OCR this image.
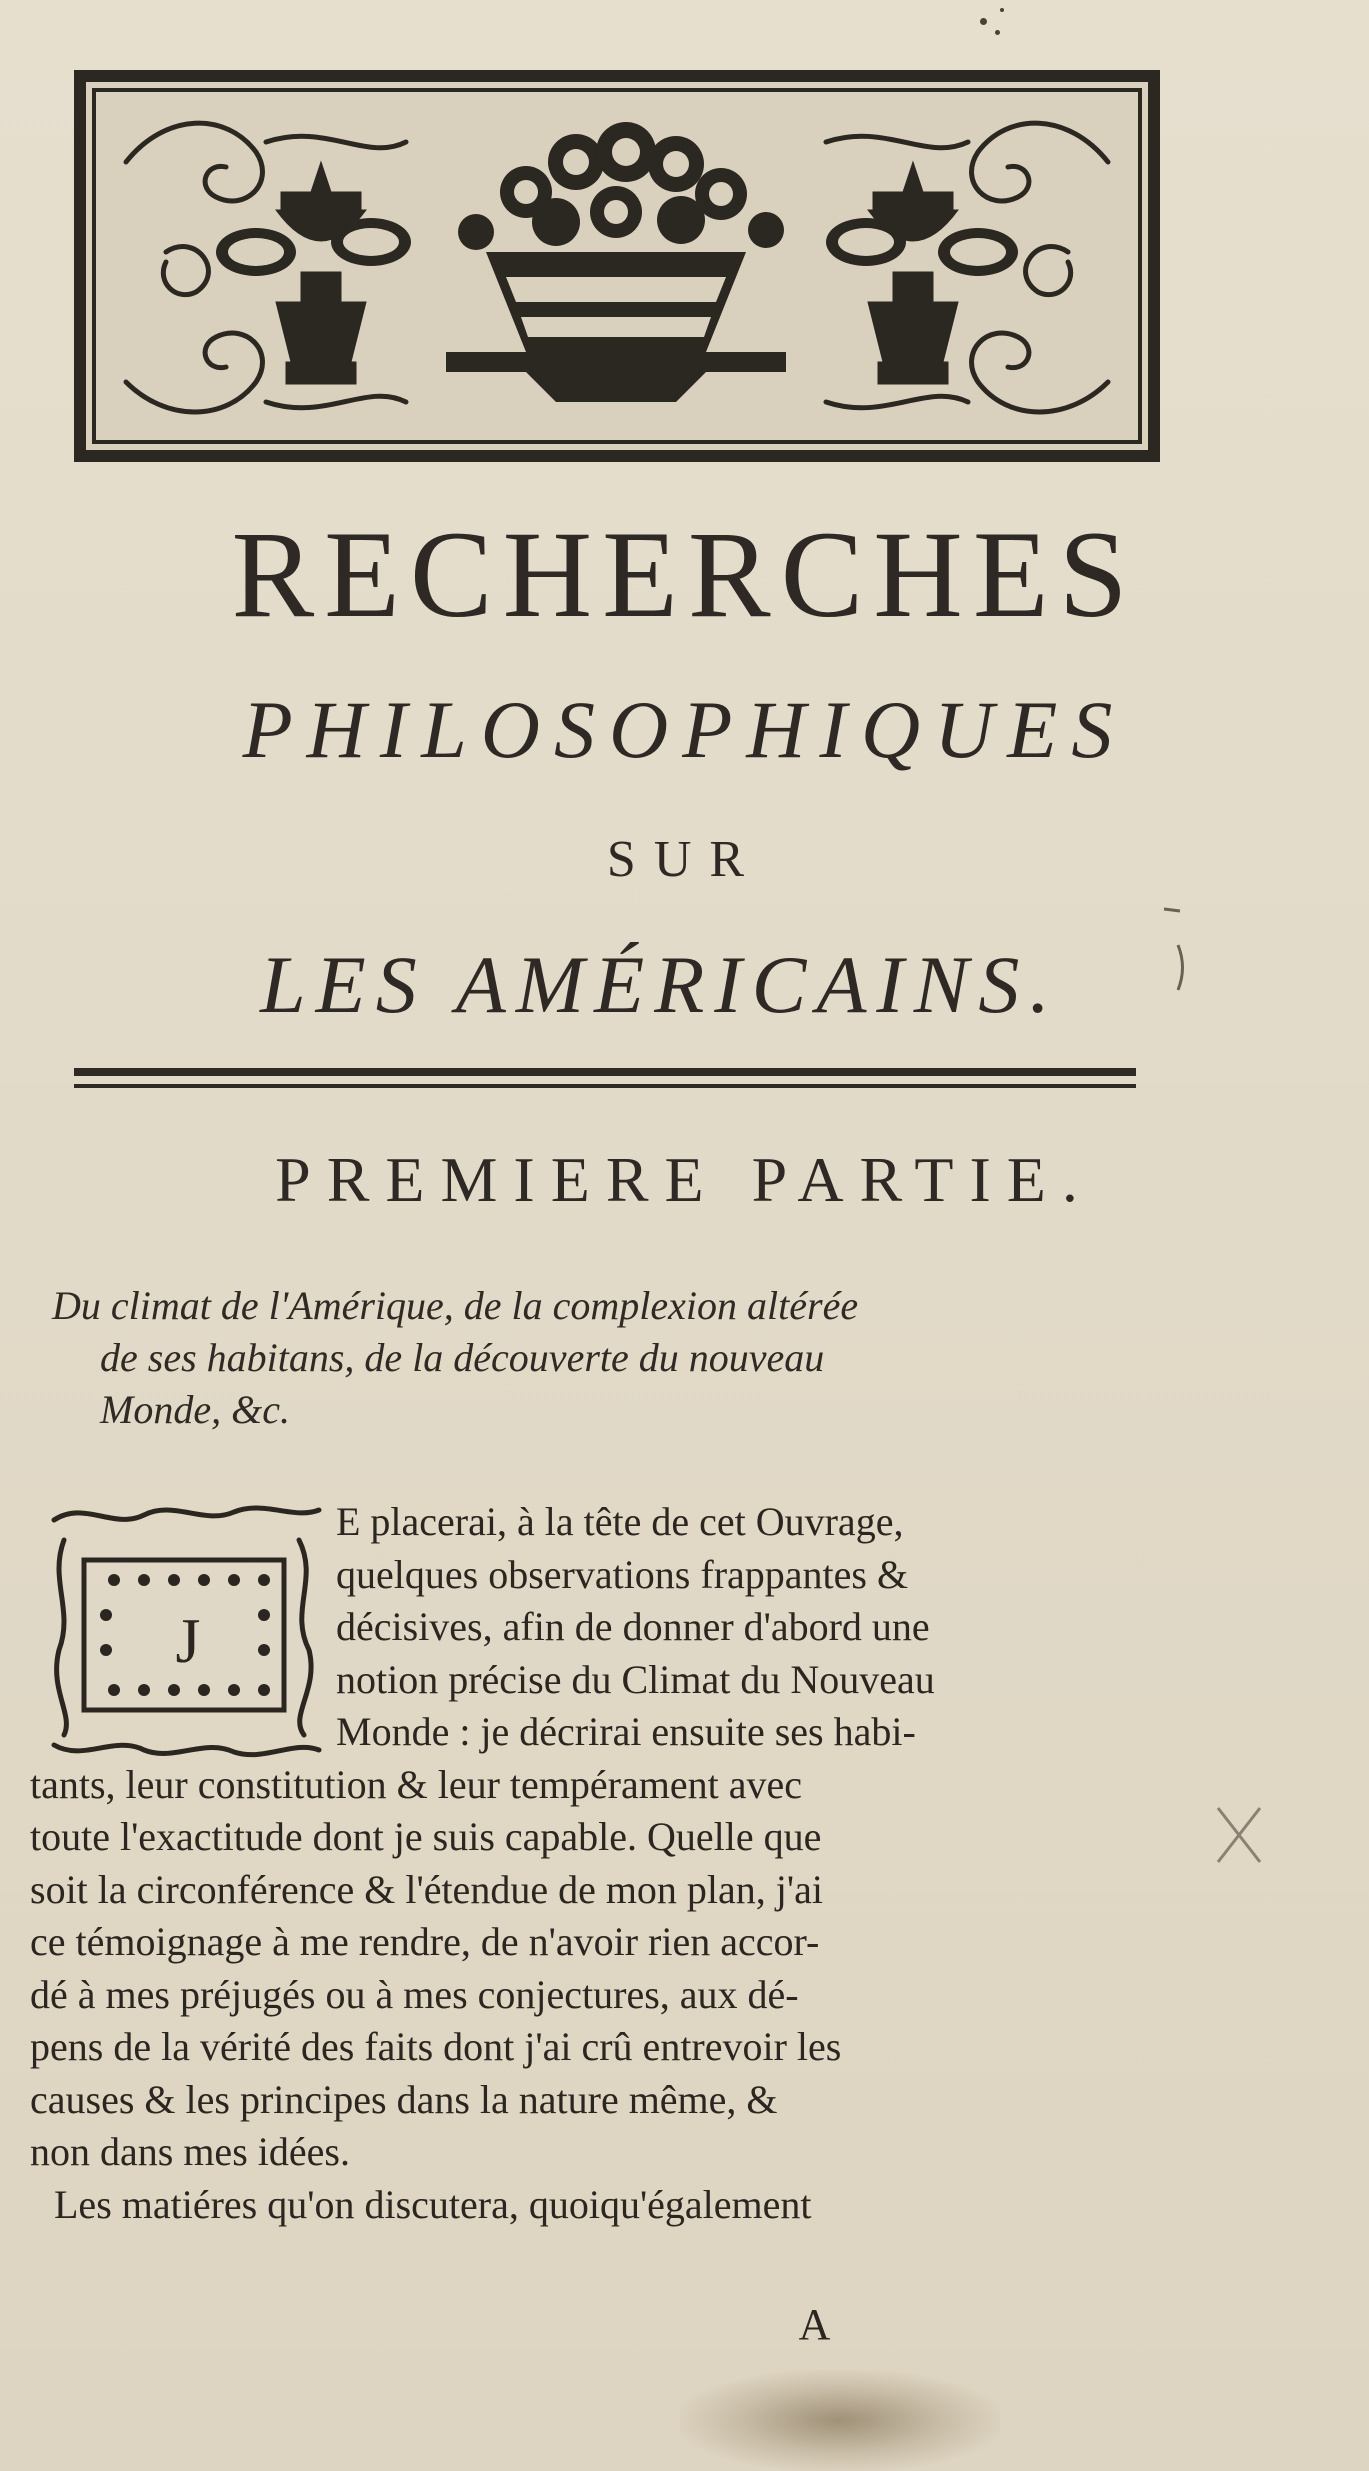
RECHERCHES
PHILOSOPHIQUES
SUR
LES AMÉRICAINS.
PREMIERE PARTIE.
Du climat de l'Amérique, de la complexion altérée
de ses habitans, de la découverte du nouveau
Monde, &c.
J
E placerai, à la tête de cet Ouvrage,
quelques observations frappantes &
décisives, afin de donner d'abord une
notion précise du Climat du Nouveau
Monde : je décrirai ensuite ses habi-
tants, leur constitution & leur tempérament avec
toute l'exactitude dont je suis capable. Quelle que
soit la circonférence & l'étendue de mon plan, j'ai
ce témoignage à me rendre, de n'avoir rien accor-
dé à mes préjugés ou à mes conjectures, aux dé-
pens de la vérité des faits dont j'ai crû entrevoir les
causes & les principes dans la nature même, &
non dans mes idées.
Les matiéres qu'on discutera, quoiqu'également
A
